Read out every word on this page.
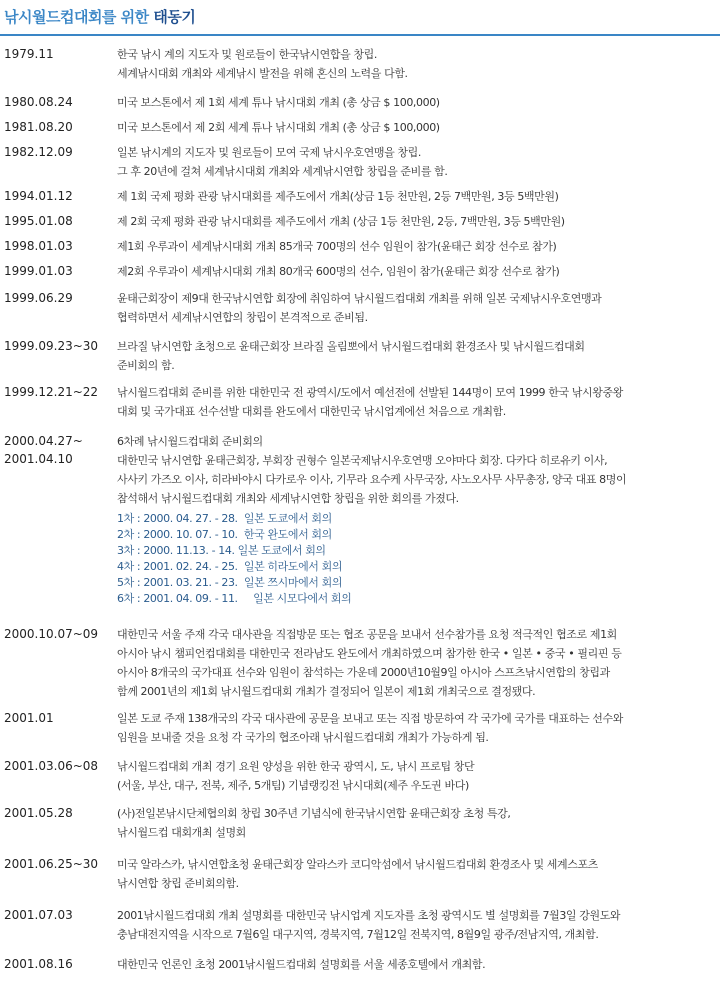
낚시월드컵대회를 위한 태동기
1979.11	한국 낚시 계의 지도자 및 원로들이 한국낚시연합을 창립.

세계낚시대회 개최와 세계낚시 발전을 위해 혼신의 노력을 다함.

1980.08.24	미국 보스톤에서 제 1회 세계 튜나 낚시대회 개최 (총 상금 $ 100,000)

1981.08.20	미국 보스톤에서 제 2회 세계 튜나 낚시대회 개최 (총 상금 $ 100,000)

1982.12.09	일본 낚시계의 지도자 및 원로들이 모여 국제 낚시우호연맹을 창립.

그 후 20년에 걸쳐 세계낚시대회 개최와 세계낚시연합 창립을 준비를 함.

1994.01.12	제 1회 국제 평화 관광 낚시대회를 제주도에서 개최(상금 1등 천만원, 2등 7백만원, 3등 5백만원)

1995.01.08	제 2회 국제 평화 관광 낚시대회를 제주도에서 개최 (상금 1등 천만원, 2등, 7백만원, 3등 5백만원)

1998.01.03	제1회 우루과이 세계낚시대회 개최 85개국 700명의 선수 임원이 참가(윤태근 회장 선수로 참가)

1999.01.03	제2회 우루과이 세계낚시대회 개최 80개국 600명의 선수, 임원이 참가(윤태근 회장 선수로 참가)

1999.06.29	윤태근회장이 제9대 한국낚시연합 회장에 취임하여 낚시월드컵대회 개최를 위해 일본 국제낚시우호연맹과

협력하면서 세계낚시연합의 창립이 본격적으로 준비됨.

1999.09.23~30 브라질 낚시연합 초청으로 윤태근회장 브라질 올림뽀에서 낚시월드컵대회 환경조사 및 낚시월드컵대회

준비회의 함.

1999.12.21~22 낚시월드컵대회 준비를 위한 대한민국 전 광역시/도에서 예선전에 선발된 144명이 모여 1999 한국 낚시왕중왕

대회 및 국가대표 선수선발 대회를 완도에서 대한민국 낚시업계에선 처음으로 개최함.

2000.04.27~
2001.04.10

6차례 낚시월드컵대회 준비회의

대한민국 낚시연합 윤태근회장, 부회장 권형수 일본국제낚시우호연맹 오야마다 회장. 다카다 히로유키 이사,

사사키 가즈오 이사, 히라바야시 다카로우 이사, 기무라 요수케 사무국장, 사노오사무 사무총장, 양국 대표 8명이

참석해서 낚시월드컵대회 개최와 세계낚시연합 창립을 위한 회의를 가졌다.

1차 : 2000. 04. 27. - 28.  일본 도쿄에서 회의

2차 : 2000. 10. 07. - 10.  한국 완도에서 회의

3차 : 2000. 11.13. - 14. 일본 도쿄에서 회의

4차 : 2001. 02. 24. - 25.  일본 히라도에서 회의

5차 : 2001. 03. 21. - 23.  일본 쯔시마에서 회의

6차 : 2001. 04. 09. - 11.     일본 시모다에서 회의

2000.10.07~09 대한민국 서울 주재 각국 대사관을 직접방문 또는 협조 공문을 보내서 선수참가를 요청 적극적인 협조로 제1회

아시아 낚시 챔피언컵대회를 대한민국 전라남도 완도에서 개최하였으며 참가한 한국 • 일본 • 중국 • 필리핀 등

아시아 8개국의 국가대표 선수와 임원이 참석하는 가운데 2000년10월9일 아시아 스프츠낚시연합의 창립과

함께 2001년의 제1회 낚시월드컵대회 개최가 결정되어 일본이 제1회 개최국으로 결정됐다.

2001.01	일본 도쿄 주재 138개국의 각국 대사관에 공문을 보내고 또는 직접 방문하여 각 국가에 국가를 대표하는 선수와

임원을 보내줄 것을 요청 각 국가의 협조아래 낚시월드컵대회 개최가 가능하게 됨.

2001.03.06~08 낚시월드컵대회 개최 경기 요원 양성을 위한 한국 광역시, 도, 낚시 프로팁 창단

(서울, 부산, 대구, 전북, 제주, 5개팀) 기념랭킹전 낚시대회(제주 우도권 바다)

2001.05.28	(사)전일본낚시단체협의회 창립 30주년 기념식에 한국낚시연합 윤태근회장 초청 특강,

낚시월드컵 대회개최 설명회

2001.06.25~30 미국 알라스카, 낚시연합초청 윤태근회장 알라스카 코디악섬에서 낚시월드컵대회 환경조사 및 세계스포츠

낚시연합 창립 준비회의함.

2001.07.03	2001낚시월드컵대회 개최 설명회를 대한민국 낚시업계 지도자를 초청 광역시도 별 설명회를 7월3일 강원도와

충남대전지역을 시작으로 7월6일 대구지역, 경북지역, 7월12일 전북지역, 8월9일 광주/전남지역, 개최함.

2001.08.16	대한민국 언론인 초청 2001낚시월드컵대회 설명회를 서울 세종호텔에서 개최함.
